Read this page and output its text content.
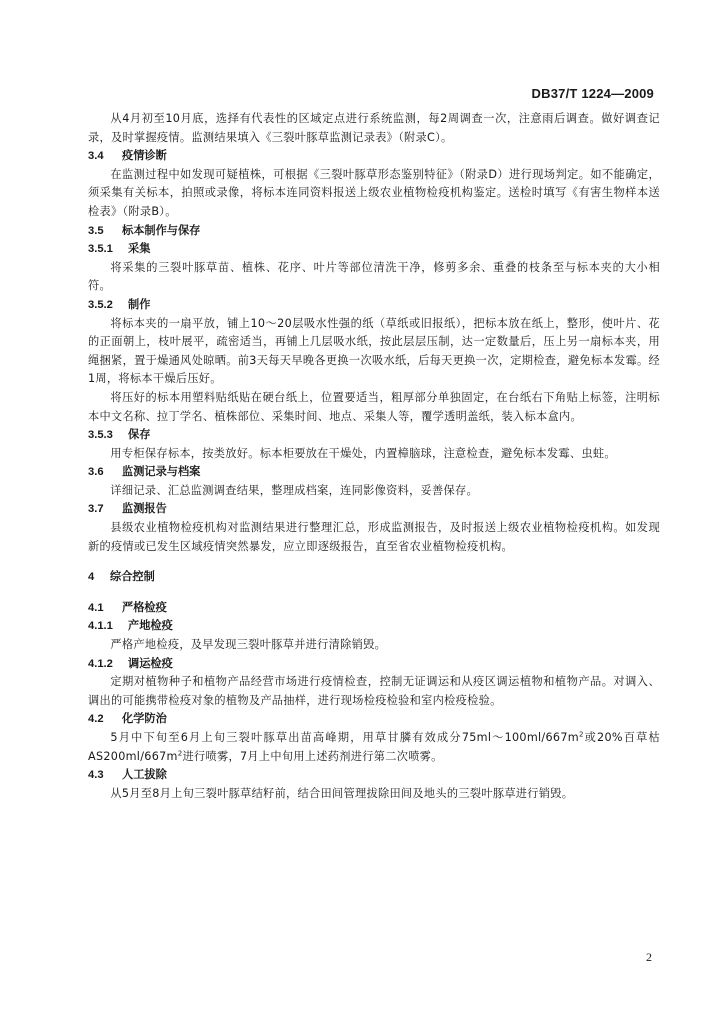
DB37/T 1224—2009

从4月初至10月底，选择有代表性的区域定点进行系统监测，每2周调查一次，注意雨后调查。做好调查记录，及时掌握疫情。监测结果填入《三裂叶豚草监测记录表》（附录C）。

3.4 疫情诊断

在监测过程中如发现可疑植株，可根据《三裂叶豚草形态鉴别特征》（附录D）进行现场判定。如不能确定，须采集有关标本，拍照或录像，将标本连同资料报送上级农业植物检疫机构鉴定。送检时填写《有害生物样本送检表》（附录B）。

3.5 标本制作与保存
3.5.1 采集

将采集的三裂叶豚草苗、植株、花序、叶片等部位清洗干净，修剪多余、重叠的枝条至与标本夹的大小相符。

3.5.2 制作

将标本夹的一扇平放，铺上10～20层吸水性强的纸（草纸或旧报纸），把标本放在纸上，整形，使叶片、花的正面朝上，枝叶展平，疏密适当，再铺上几层吸水纸，按此层层压制，达一定数量后，压上另一扇标本夹，用绳捆紧，置于燥通风处晾晒。前3天每天早晚各更换一次吸水纸，后每天更换一次，定期检查，避免标本发霉。经1周，将标本干燥后压好。

将压好的标本用塑料贴纸贴在硬台纸上，位置要适当，粗厚部分单独固定，在台纸右下角贴上标签，注明标本中文名称、拉丁学名、植株部位、采集时间、地点、采集人等，覆学透明盖纸，装入标本盒内。

3.5.3 保存

用专柜保存标本，按类放好。标本柜要放在干燥处，内置樟脑球，注意检查，避免标本发霉、虫蛀。

3.6 监测记录与档案

详细记录、汇总监测调查结果，整理成档案，连同影像资料，妥善保存。

3.7 监测报告

县级农业植物检疫机构对监测结果进行整理汇总，形成监测报告，及时报送上级农业植物检疫机构。如发现新的疫情或已发生区域疫情突然暴发，应立即逐级报告，直至省农业植物检疫机构。

4 综合控制
4.1 严格检疫
4.1.1 产地检疫

严格产地检疫，及早发现三裂叶豚草并进行清除销毁。

4.1.2 调运检疫

定期对植物种子和植物产品经营市场进行疫情检查，控制无证调运和从疫区调运植物和植物产品。对调入、调出的可能携带检疫对象的植物及产品抽样，进行现场检疫检验和室内检疫检验。

4.2 化学防治

5月中下旬至6月上旬三裂叶豚草出苗高峰期，用草甘膦有效成分$75ml\sim 100ml/667m^2$或20%百草枯$AS200ml/667m^2$进行喷雾，7月上中旬用上述药剂进行第二次喷雾。

4.3 人工拔除

从5月至8月上旬三裂叶豚草结籽前，结合田间管理拔除田间及地头的三裂叶豚草进行销毁。

2
